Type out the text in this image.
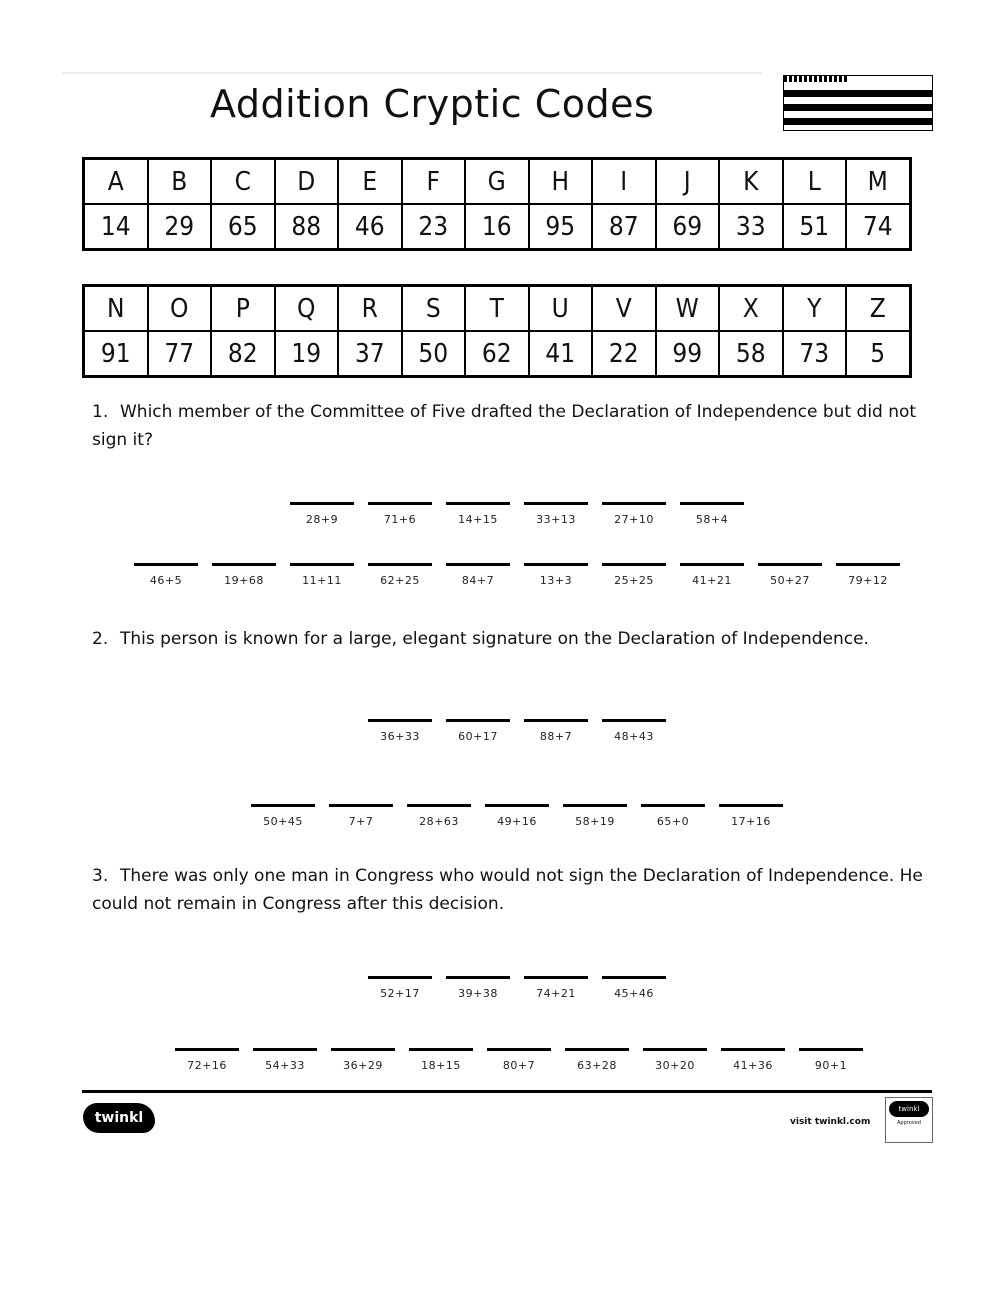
Addition Cryptic Codes
A	B	C	D	E	F	G	H	I	J	K	L	M
14	29	65	88	46	23	16	95	87	69	33	51	74
N	O	P	Q	R	S	T	U	V	W	X	Y	Z
91	77	82	19	37	50	62	41	22	99	58	73	5
1. Which member of the Committee of Five drafted the Declaration of Independence but did not sign it?
28+9	71+6	14+15	33+13	27+10	58+4
46+5	19+68	11+11	62+25	84+7	13+3	25+25	41+21	50+27	79+12
2. This person is known for a large, elegant signature on the Declaration of Independence.
36+33	60+17	88+7	48+43
50+45	7+7	28+63	49+16	58+19	65+0	17+16
3. There was only one man in Congress who would not sign the Declaration of Independence. He could not remain in Congress after this decision.
52+17	39+38	74+21	45+46
72+16	54+33	36+29	18+15	80+7	63+28	30+20	41+36	90+1
twinkl	visit twinkl.com
twinkl
Approved
